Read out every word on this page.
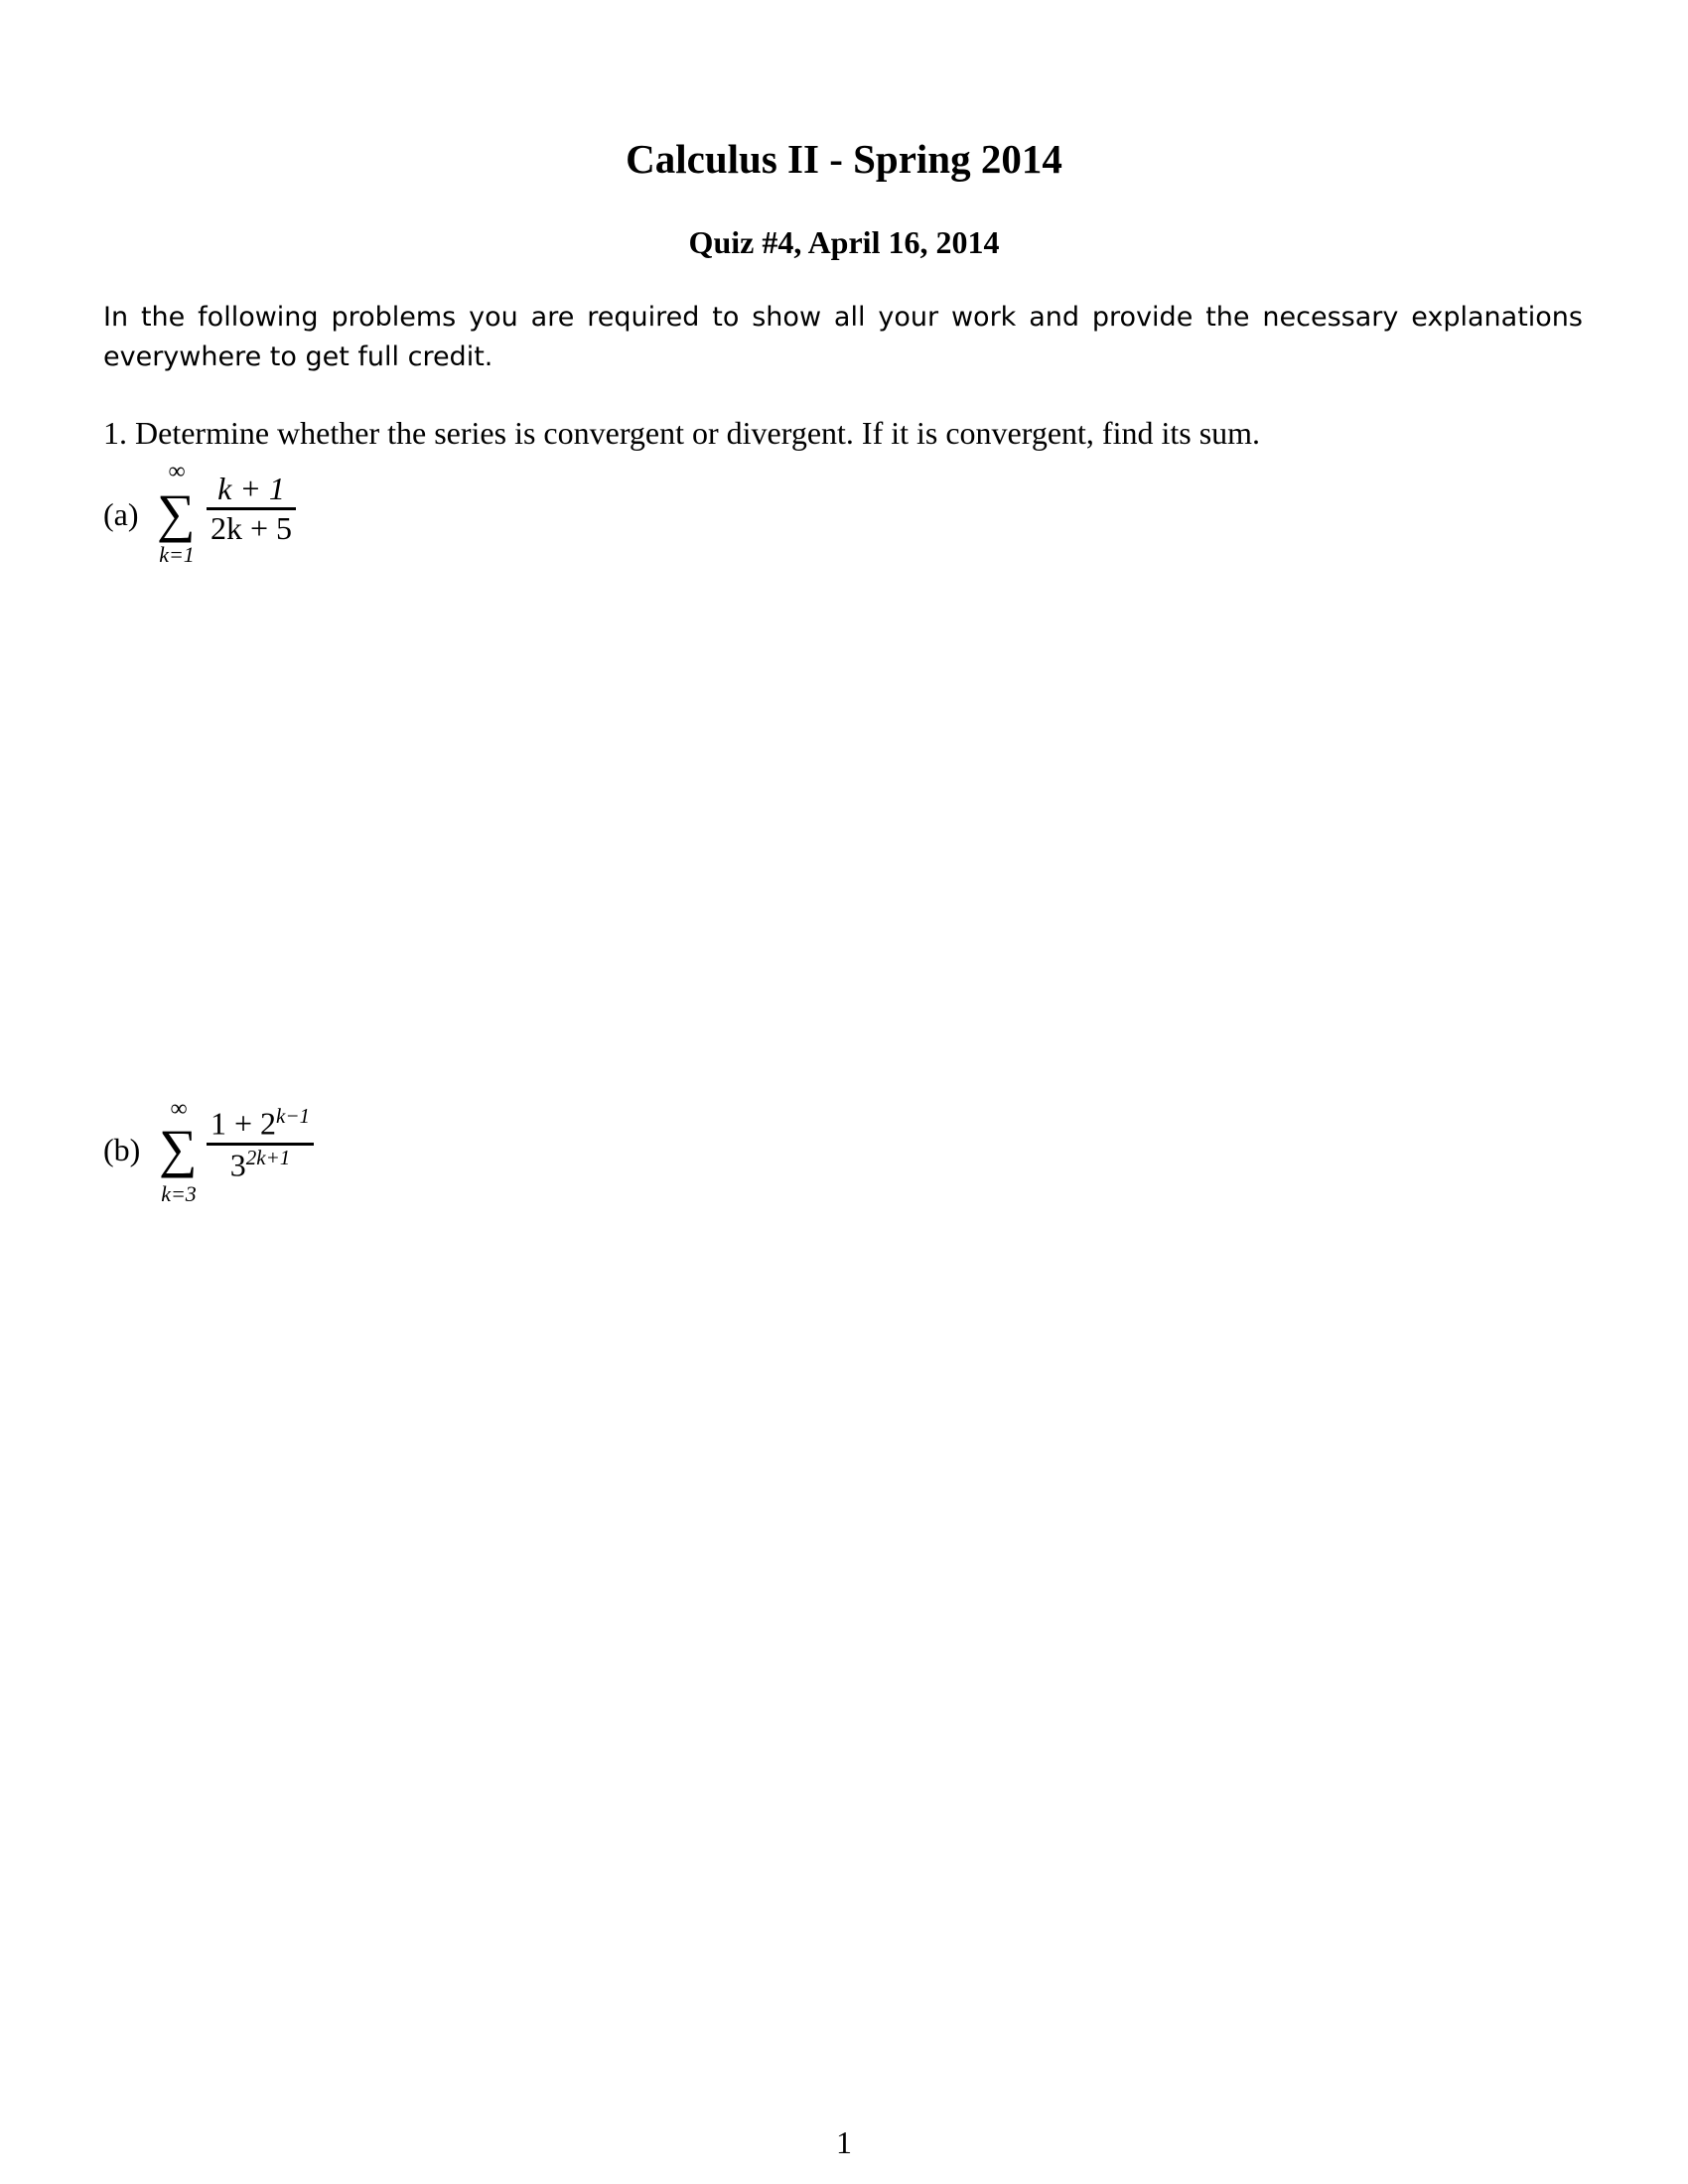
Calculus II - Spring 2014
Quiz #4, April 16, 2014
In the following problems you are required to show all your work and provide the necessary explanations everywhere to get full credit.
1. Determine whether the series is convergent or divergent. If it is convergent, find its sum.
(a)
∞
∑
k=1
k + 1
2k + 5
(b)
∞
∑
k=3
$1 + 2^{k-1}$
$3^{2k+1}$
1
